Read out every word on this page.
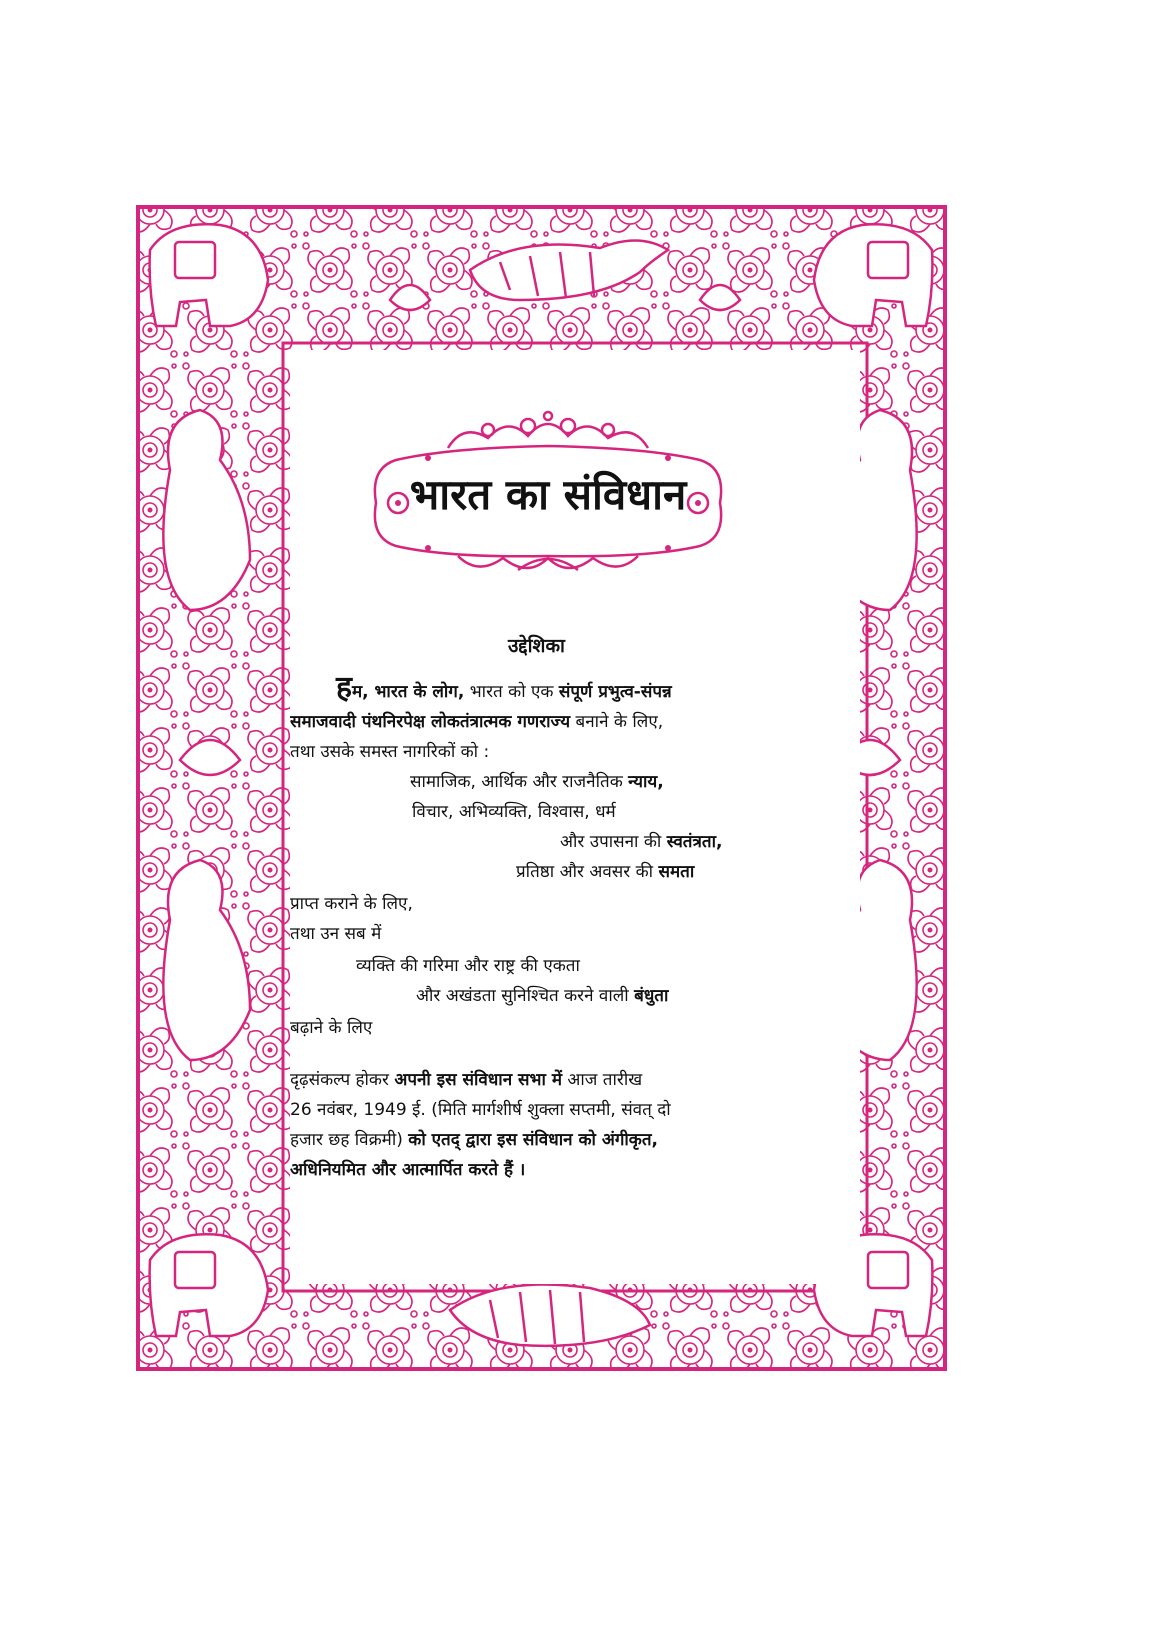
भारत का संविधान
उद्देशिका
हम, भारत के लोग, भारत को एक संपूर्ण प्रभुत्व-संपन्न
समाजवादी पंथनिरपेक्ष लोकतंत्रात्मक गणराज्य बनाने के लिए,
तथा उसके समस्त नागरिकों को :
सामाजिक, आर्थिक और राजनैतिक न्याय,
विचार, अभिव्यक्ति, विश्वास, धर्म
और उपासना की स्वतंत्रता,
प्रतिष्ठा और अवसर की समता
प्राप्त कराने के लिए,
तथा उन सब में
व्यक्ति की गरिमा और राष्ट्र की एकता
और अखंडता सुनिश्चित करने वाली बंधुता
बढ़ाने के लिए
दृढ़संकल्प होकर अपनी इस संविधान सभा में आज तारीख
26 नवंबर, 1949 ई. (मिति मार्गशीर्ष शुक्ला सप्तमी, संवत् दो
हजार छह विक्रमी) को एतद् द्वारा इस संविधान को अंगीकृत,
अधिनियमित और आत्मार्पित करते हैं ।
